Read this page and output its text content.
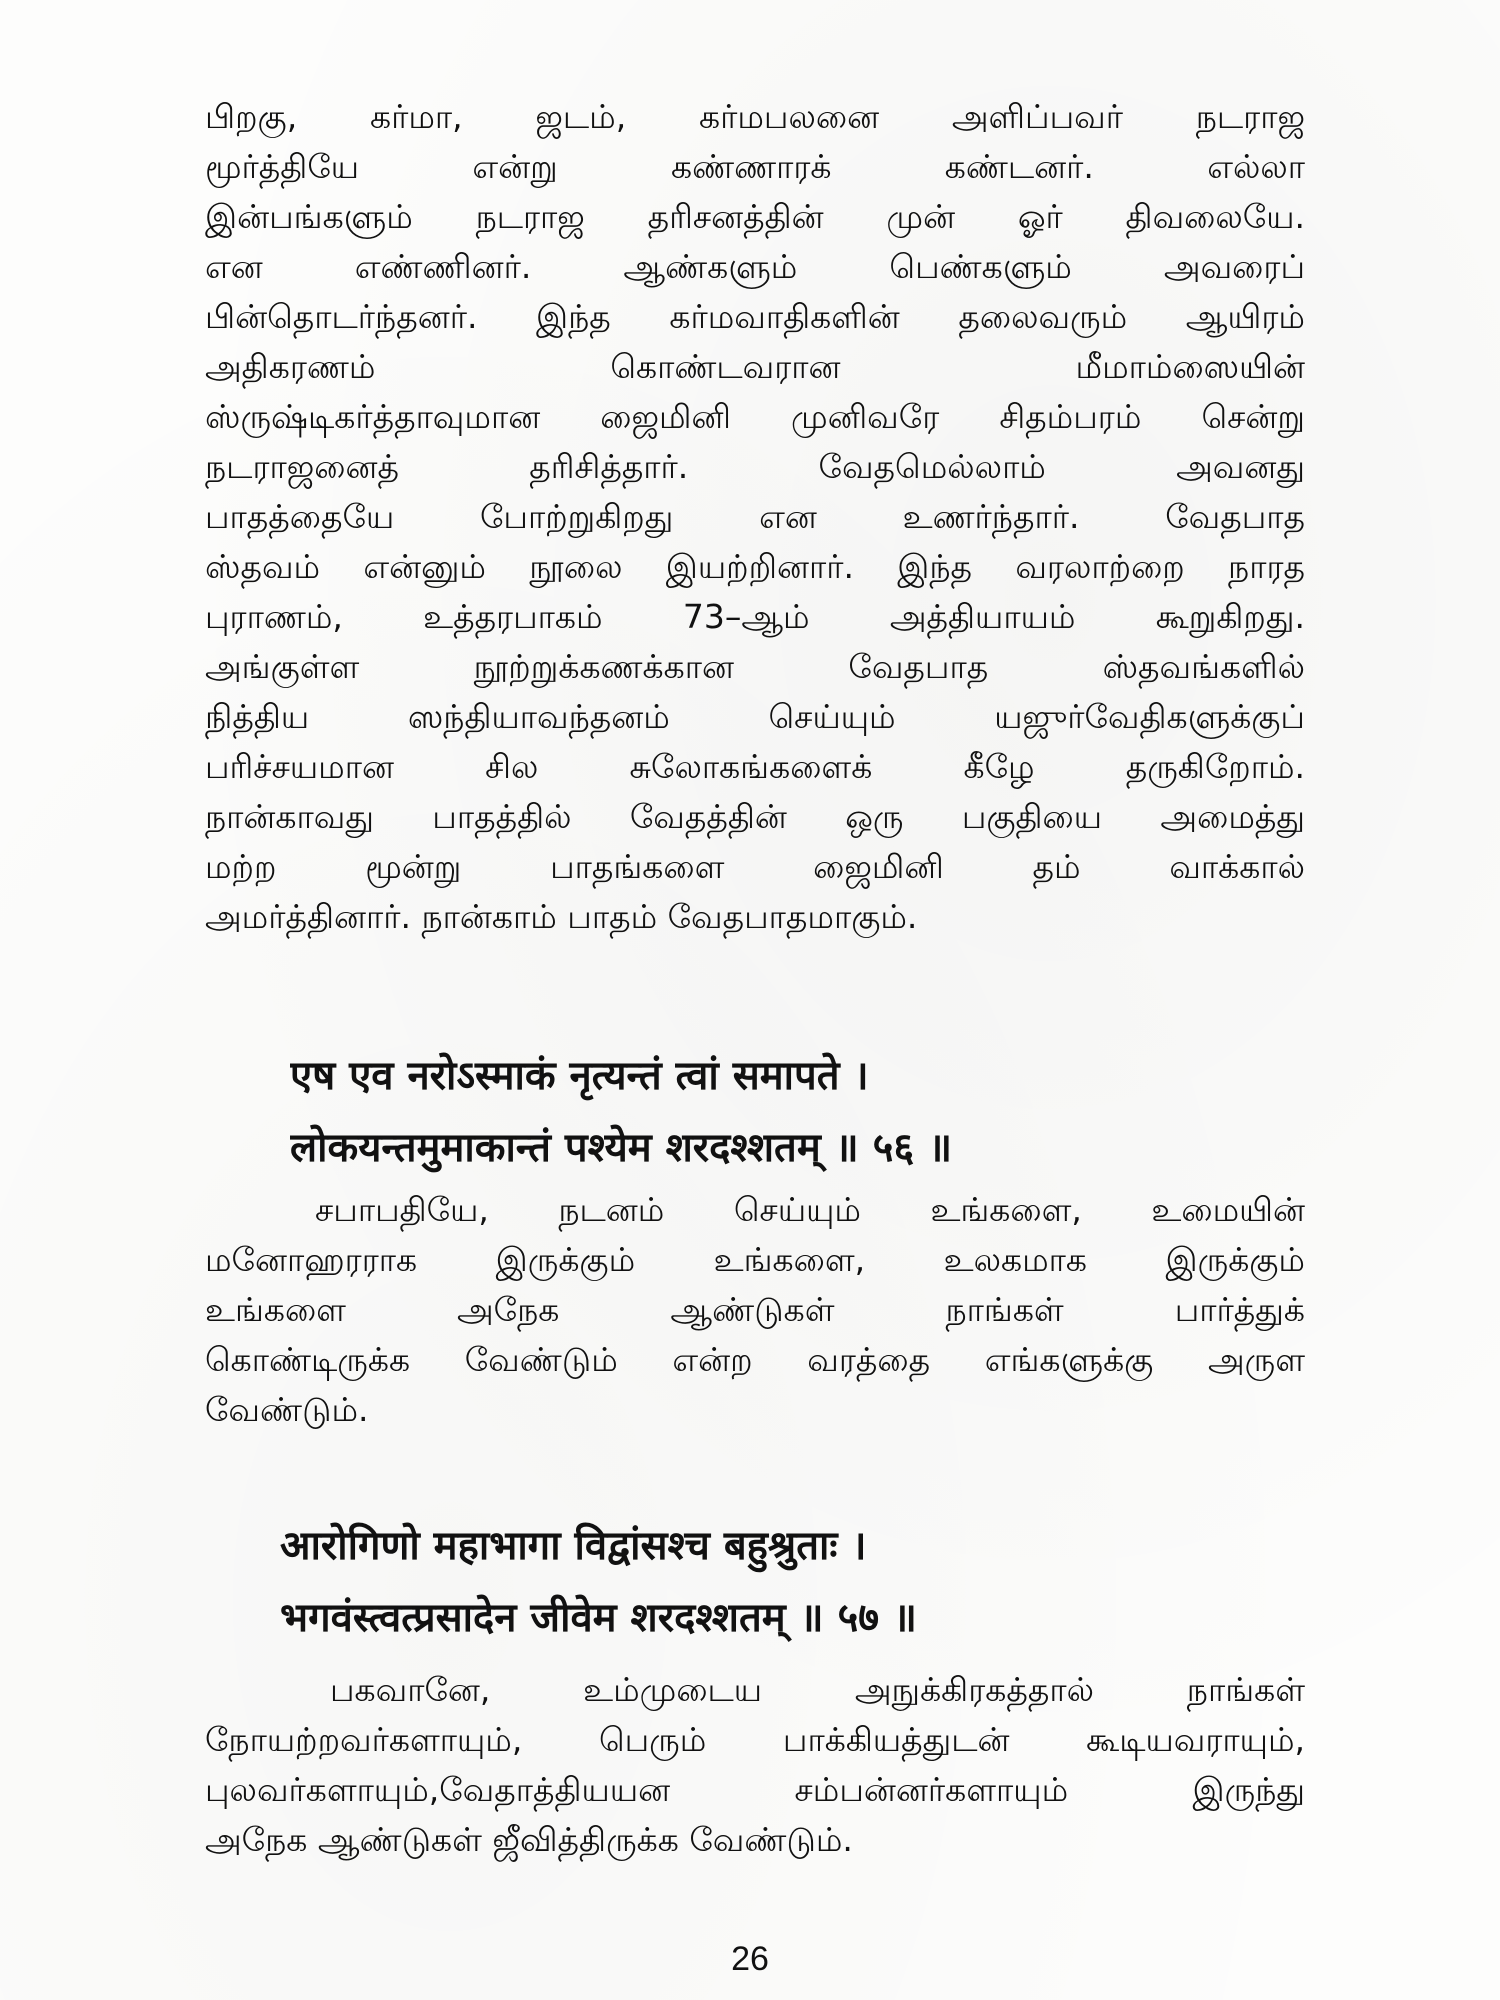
பிறகு, கர்மா, ஜடம், கர்மபலனை அளிப்பவர் நடராஜ
மூர்த்தியே என்று கண்ணாரக் கண்டனர். எல்லா
இன்பங்களும் நடராஜ தரிசனத்தின் முன் ஓர் திவலையே.
என எண்ணினர். ஆண்களும் பெண்களும் அவரைப்
பின்தொடர்ந்தனர். இந்த கர்மவாதிகளின் தலைவரும் ஆயிரம்
அதிகரணம் கொண்டவரான மீமாம்ஸையின்
ஸ்ருஷ்டிகர்த்தாவுமான ஜைமினி முனிவரே சிதம்பரம் சென்று
நடராஜனைத் தரிசித்தார். வேதமெல்லாம் அவனது
பாதத்தையே போற்றுகிறது என உணர்ந்தார். வேதபாத
ஸ்தவம் என்னும் நூலை இயற்றினார். இந்த வரலாற்றை நாரத
புராணம், உத்தரபாகம் 73–ஆம் அத்தியாயம் கூறுகிறது.
அங்குள்ள நூற்றுக்கணக்கான வேதபாத ஸ்தவங்களில்
நித்திய ஸந்தியாவந்தனம் செய்யும் யஜுர்வேதிகளுக்குப்
பரிச்சயமான சில சுலோகங்களைக் கீழே தருகிறோம்.
நான்காவது பாதத்தில் வேதத்தின் ஒரு பகுதியை அமைத்து
மற்ற மூன்று பாதங்களை ஜைமினி தம் வாக்கால்
அமர்த்தினார். நான்காம் பாதம் வேதபாதமாகும்.
एष एव नरोऽस्माकं नृत्यन्तं त्वां समापते ।
लोकयन्तमुमाकान्तं पश्येम शरदश्शतम् ॥ ५६ ॥
சபாபதியே, நடனம் செய்யும் உங்களை, உமையின்
மனோஹரராக இருக்கும் உங்களை, உலகமாக இருக்கும்
உங்களை அநேக ஆண்டுகள் நாங்கள் பார்த்துக்
கொண்டிருக்க வேண்டும் என்ற வரத்தை எங்களுக்கு அருள
வேண்டும்.
आरोगिणो महाभागा विद्वांसश्च बहुश्रुताः ।
भगवंस्त्वत्प्रसादेन जीवेम शरदश्शतम् ॥ ५७ ॥
பகவானே, உம்முடைய அநுக்கிரகத்தால் நாங்கள்
நோயற்றவர்களாயும், பெரும் பாக்கியத்துடன் கூடியவராயும்,
புலவர்களாயும்,வேதாத்தியயன சம்பன்னர்களாயும் இருந்து
அநேக ஆண்டுகள் ஜீவித்திருக்க வேண்டும்.
26
